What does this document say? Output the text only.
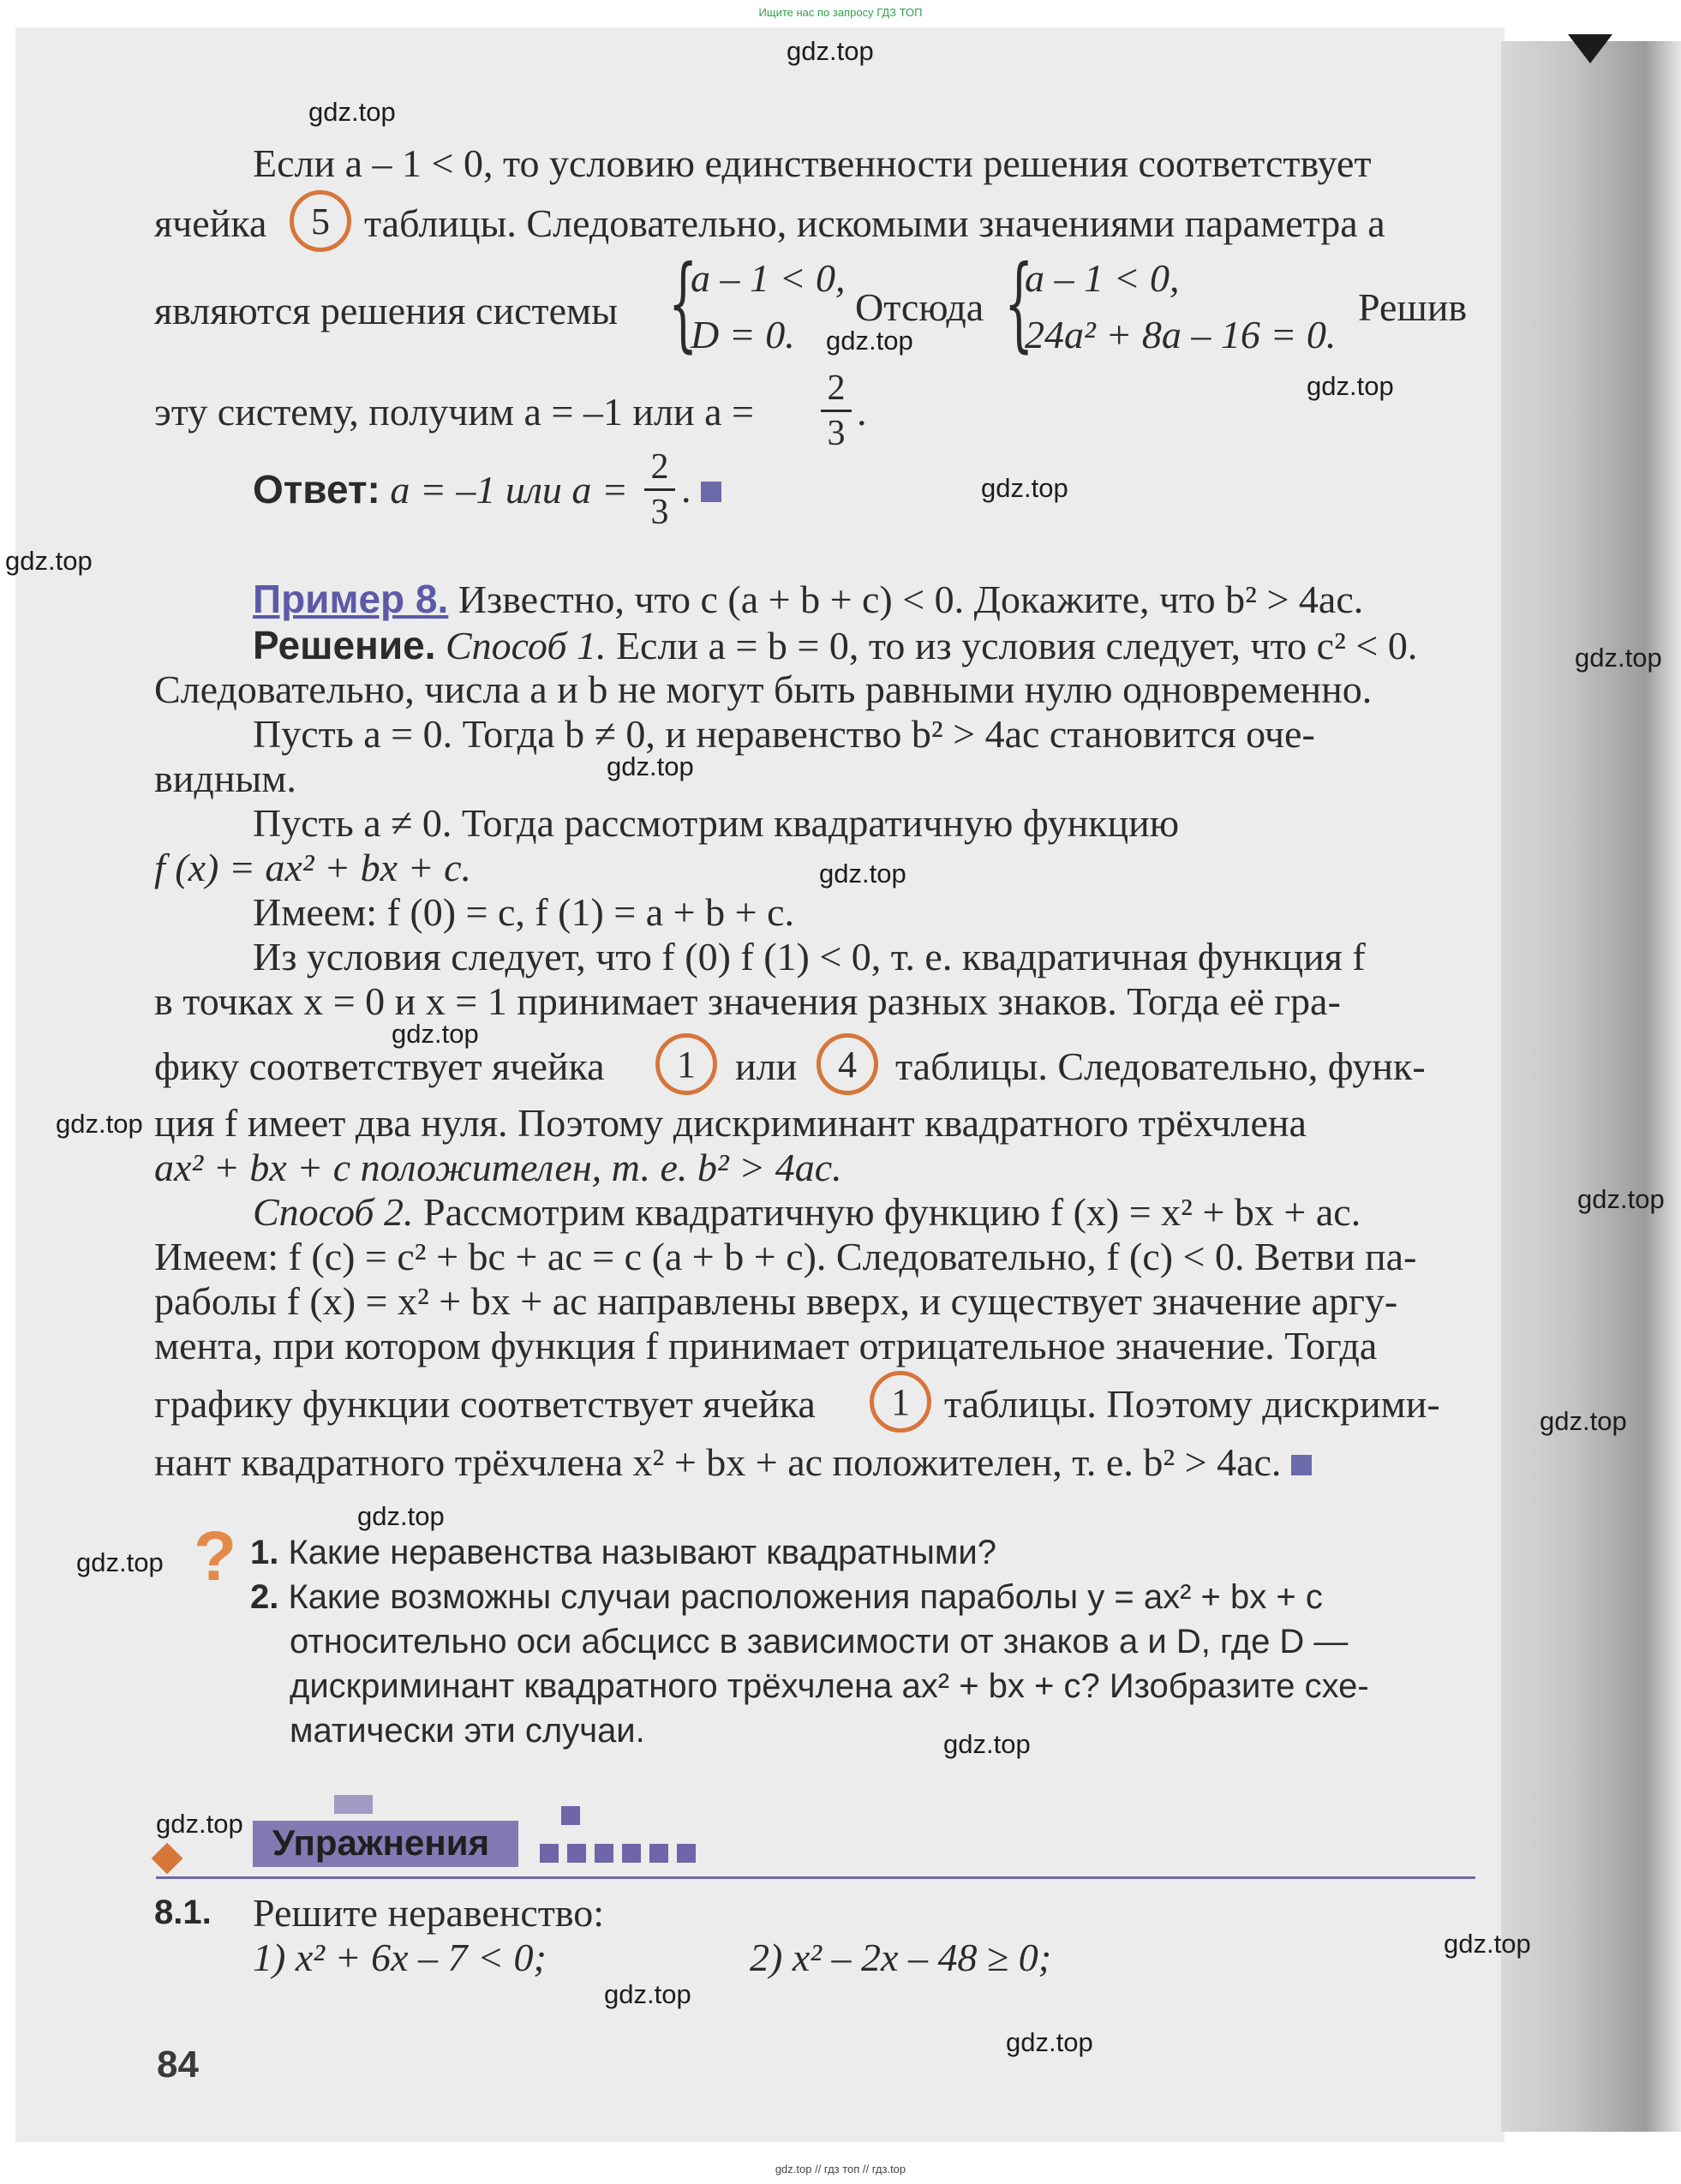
Ищите нас по запросу ГДЗ ТОП
Если a – 1 < 0, то условию единственности решения соответствует
ячейка	5 таблицы. Следовательно, искомыми значениями параметра a
являются решения системы {
a – 1 < 0,
D = 0.
Отсюда {
a – 1 < 0,
24a² + 8a – 16 = 0.
Решив
эту систему, получим a = –1 или a =
2
3 .
Ответ: a = –1 или a =
2
3
.
Пример 8. Известно, что c (a + b + c) < 0. Докажите, что b² > 4ac.
Решение. Способ 1. Если a = b = 0, то из условия следует, что c² < 0.
Следовательно, числа a и b не могут быть равными нулю одновременно.
Пусть a = 0. Тогда b ≠ 0, и неравенство b² > 4ac становится оче-
видным.
Пусть a ≠ 0. Тогда рассмотрим квадратичную функцию
f (x) = ax² + bx + c.
Имеем: f (0) = c, f (1) = a + b + c.
Из условия следует, что f (0) f (1) < 0, т. е. квадратичная функция f
в точках x = 0 и x = 1 принимает значения разных знаков. Тогда её гра-
фику соответствует ячейка	1	или	4 таблицы. Следовательно, функ-
ция f имеет два нуля. Поэтому дискриминант квадратного трёхчлена
ax² + bx + c положителен, т. е. b² > 4ac.
Способ 2. Рассмотрим квадратичную функцию f (x) = x² + bx + ac.
Имеем: f (c) = c² + bc + ac = c (a + b + c). Следовательно, f (c) < 0. Ветви па-
раболы f (x) = x² + bx + ac направлены вверх, и существует значение аргу-
мента, при котором функция f принимает отрицательное значение. Тогда
графику функции соответствует ячейка	1 таблицы. Поэтому дискрими-
нант квадратного трёхчлена x² + bx + ac положителен, т. е. b² > 4ac.
? 1. Какие неравенства называют квадратными?
2. Какие возможны случаи расположения параболы y = ax² + bx + c
относительно оси абсцисс в зависимости от знаков a и D, где D —
дискриминант квадратного трёхчлена ax² + bx + c? Изобразите схе-
матически эти случаи.
Упражнения
8.1. Решите неравенство:
1) x² + 6x – 7 < 0;	2) x² – 2x – 48 ≥ 0;
84
gdz.top
gdz.top
gdz.top
gdz.top
gdz.top
gdz.top
gdz.top
gdz.top
gdz.top
gdz.top
gdz.top
gdz.top
gdz.top
gdz.top
gdz.top
gdz.top
gdz.top
gdz.top
gdz.top
gdz.top
gdz.top // гдз топ // гдз.top
